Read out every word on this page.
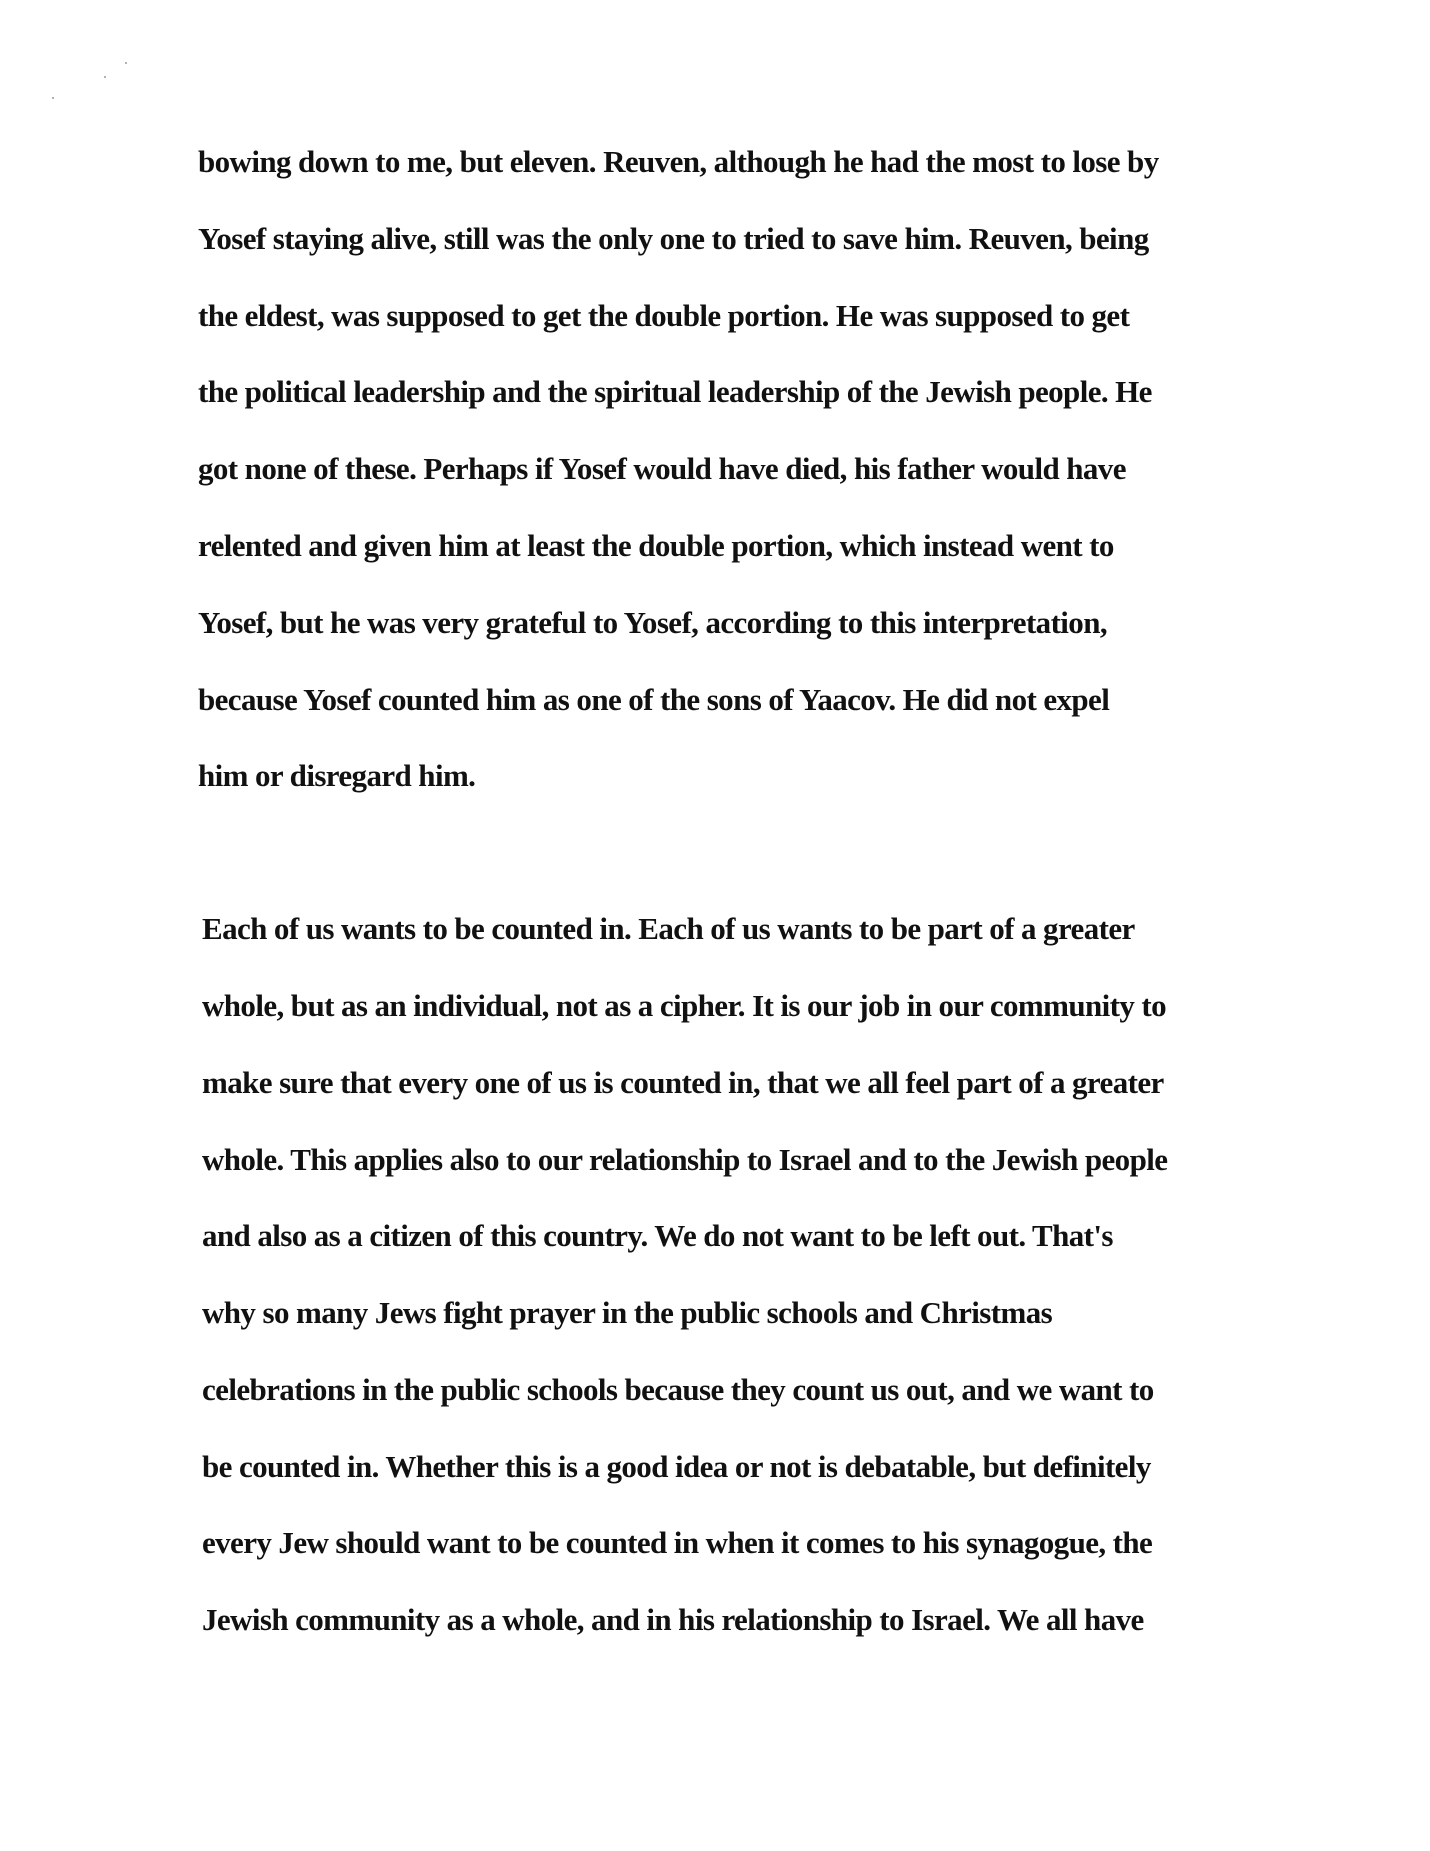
bowing down to me, but eleven. Reuven, although he had the most to lose by
Yosef staying alive, still was the only one to tried to save him. Reuven, being
the eldest, was supposed to get the double portion. He was supposed to get
the political leadership and the spiritual leadership of the Jewish people. He
got none of these. Perhaps if Yosef would have died, his father would have
relented and given him at least the double portion, which instead went to
Yosef, but he was very grateful to Yosef, according to this interpretation,
because Yosef counted him as one of the sons of Yaacov. He did not expel
him or disregard him.
Each of us wants to be counted in. Each of us wants to be part of a greater
whole, but as an individual, not as a cipher. It is our job in our community to
make sure that every one of us is counted in, that we all feel part of a greater
whole. This applies also to our relationship to Israel and to the Jewish people
and also as a citizen of this country. We do not want to be left out. That's
why so many Jews fight prayer in the public schools and Christmas
celebrations in the public schools because they count us out, and we want to
be counted in. Whether this is a good idea or not is debatable, but definitely
every Jew should want to be counted in when it comes to his synagogue, the
Jewish community as a whole, and in his relationship to Israel. We all have
